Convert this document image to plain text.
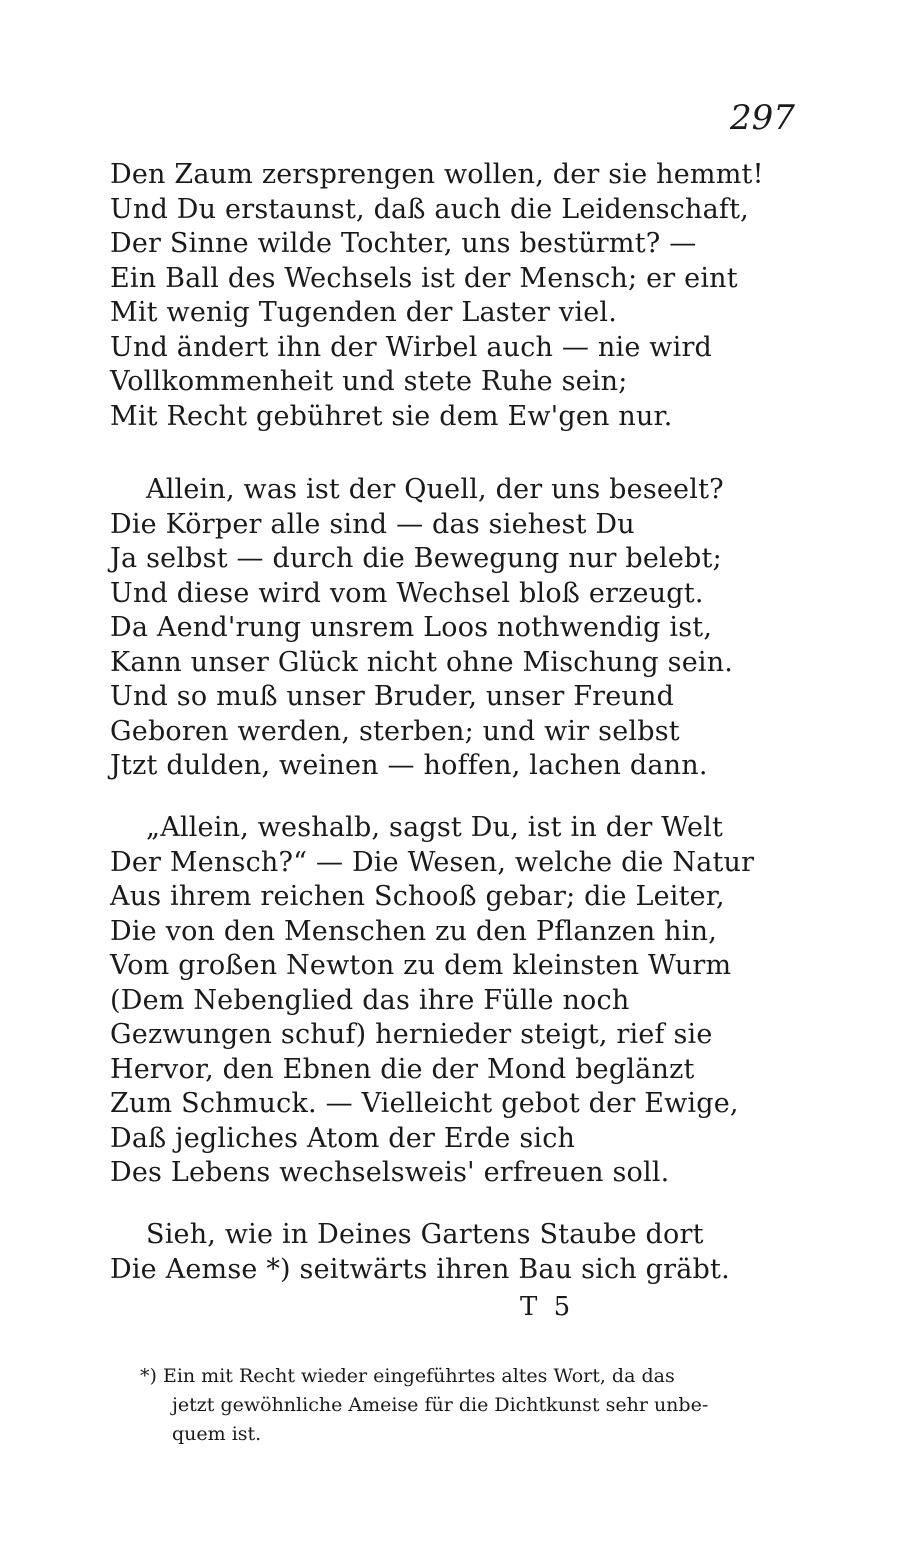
297
Den Zaum zersprengen wollen, der sie hemmt!
Und Du erstaunst, daß auch die Leidenschaft,
Der Sinne wilde Tochter, uns bestürmt? —
Ein Ball des Wechsels ist der Mensch; er eint
Mit wenig Tugenden der Laster viel.
Und ändert ihn der Wirbel auch — nie wird
Vollkommenheit und stete Ruhe sein;
Mit Recht gebühret sie dem Ew'gen nur.
Allein, was ist der Quell, der uns beseelt?
Die Körper alle sind — das siehest Du
Ja selbst — durch die Bewegung nur belebt;
Und diese wird vom Wechsel bloß erzeugt.
Da Aend'rung unsrem Loos nothwendig ist,
Kann unser Glück nicht ohne Mischung sein.
Und so muß unser Bruder, unser Freund
Geboren werden, sterben; und wir selbst
Jtzt dulden, weinen — hoffen, lachen dann.
„Allein, weshalb, sagst Du, ist in der Welt
Der Mensch?“ — Die Wesen, welche die Natur
Aus ihrem reichen Schooß gebar; die Leiter,
Die von den Menschen zu den Pflanzen hin,
Vom großen Newton zu dem kleinsten Wurm
(Dem Nebenglied das ihre Fülle noch
Gezwungen schuf) hernieder steigt, rief sie
Hervor, den Ebnen die der Mond beglänzt
Zum Schmuck. — Vielleicht gebot der Ewige,
Daß jegliches Atom der Erde sich
Des Lebens wechselsweis' erfreuen soll.
Sieh, wie in Deines Gartens Staube dort
Die Aemse *) seitwärts ihren Bau sich gräbt.
T 5
*) Ein mit Recht wieder eingeführtes altes Wort, da das
jetzt gewöhnliche Ameise für die Dichtkunst sehr unbe-
quem ist.
